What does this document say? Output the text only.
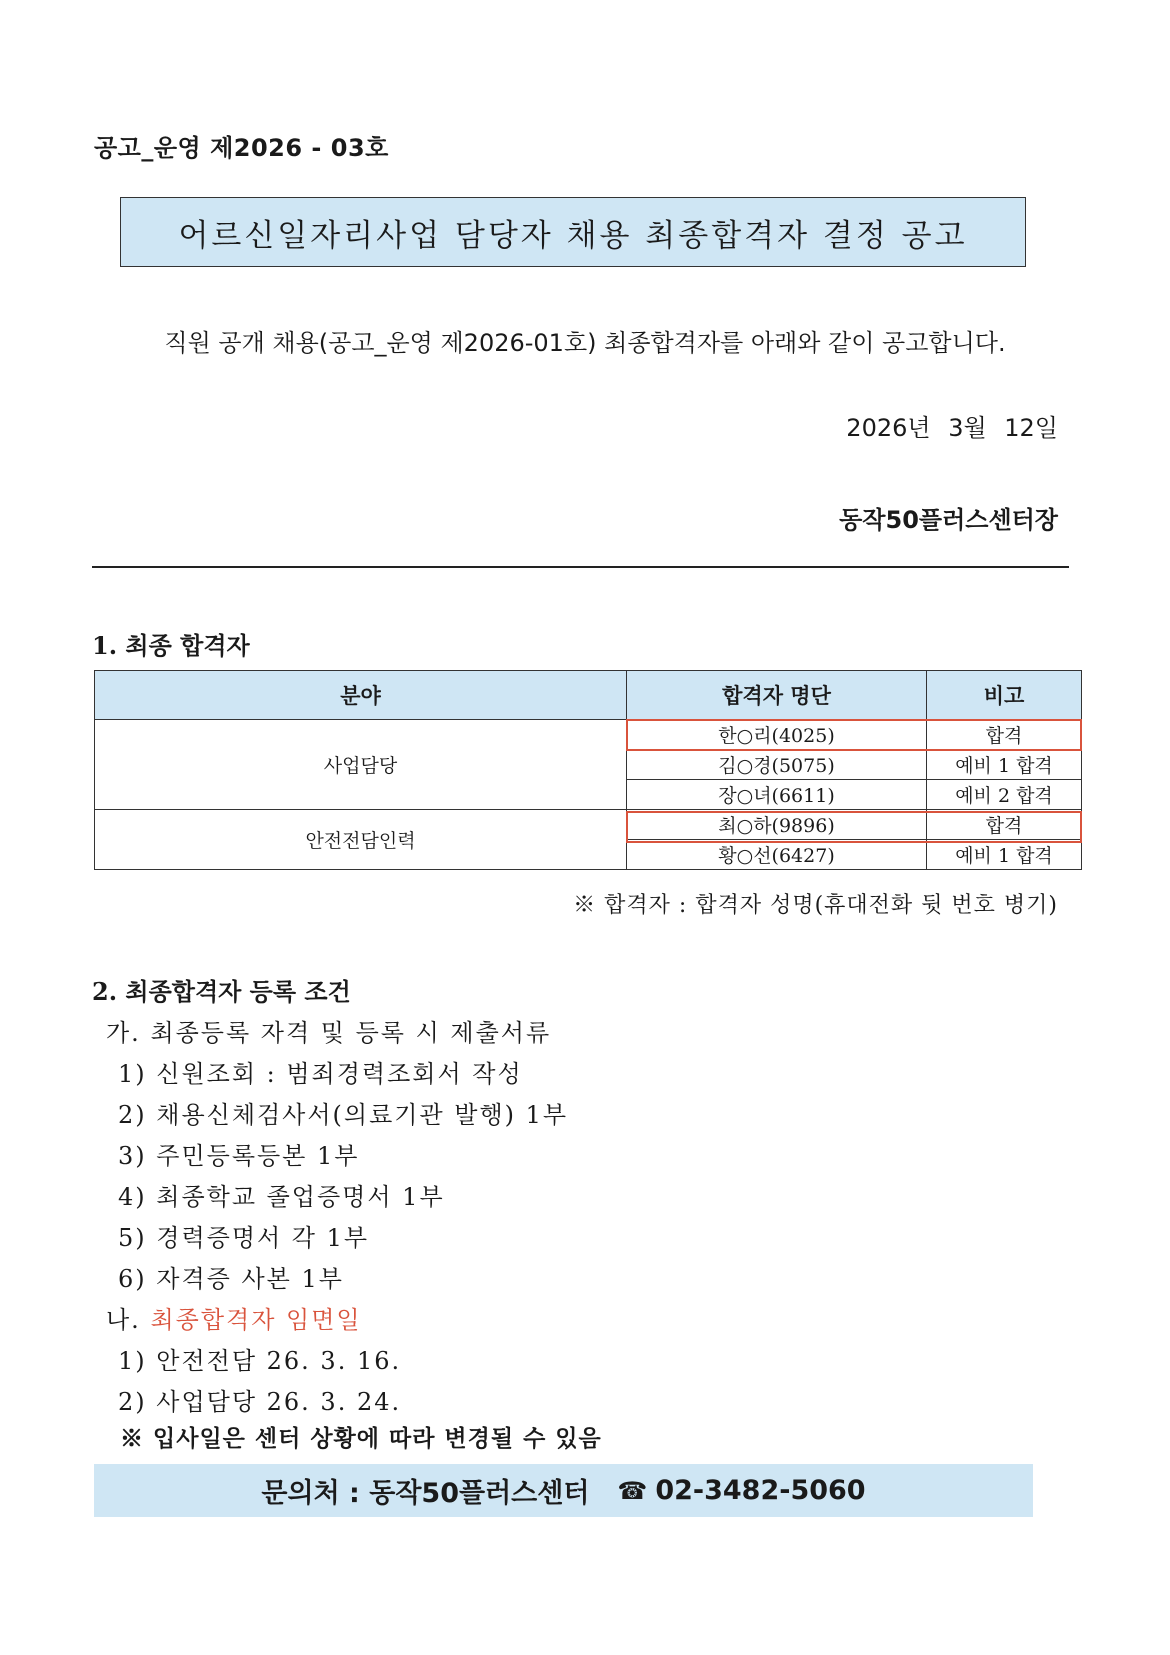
공고_운영 제2026 - 03호
어르신일자리사업 담당자 채용 최종합격자 결정 공고
직원 공개 채용(공고_운영 제2026-01호) 최종합격자를 아래와 같이 공고합니다.
2026년 3월 12일
동작50플러스센터장
1. 최종 합격자
분야	합격자 명단	비고
사업담당	한○리(4025)	합격
	김○경(5075)	예비 1 합격
	장○녀(6611)	예비 2 합격
안전전담인력	최○하(9896)	합격
	황○선(6427)	예비 1 합격
※ 합격자 : 합격자 성명(휴대전화 뒷 번호 병기)
2. 최종합격자 등록 조건
가. 최종등록 자격 및 등록 시 제출서류
1) 신원조회 : 범죄경력조회서 작성
2) 채용신체검사서(의료기관 발행) 1부
3) 주민등록등본 1부
4) 최종학교 졸업증명서 1부
5) 경력증명서 각 1부
6) 자격증 사본 1부
나. 최종합격자 임면일
1) 안전전담 26. 3. 16.
2) 사업담당 26. 3. 24.
※ 입사일은 센터 상황에 따라 변경될 수 있음
문의처 : 동작50플러스센터 ☎ 02-3482-5060
